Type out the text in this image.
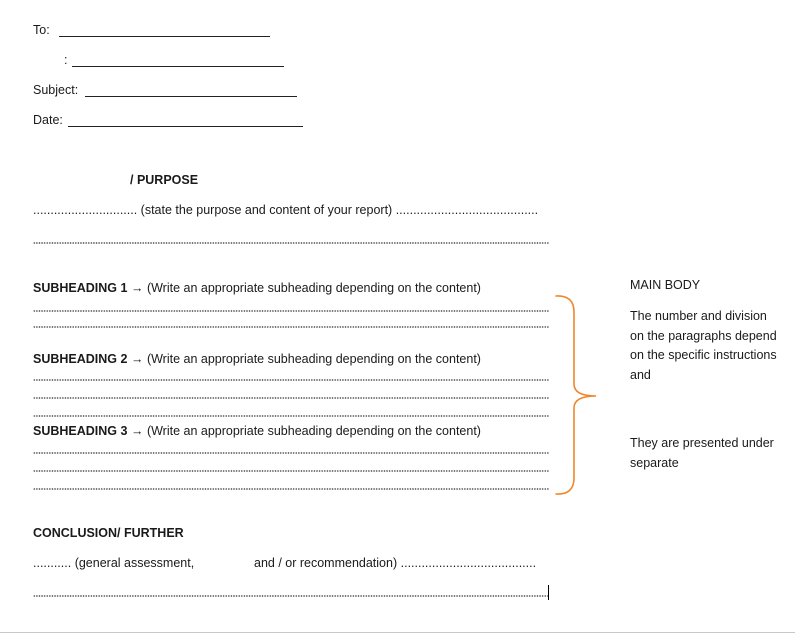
To:
:
Subject:
Date:
/ PURPOSE
.............................. (state the purpose and content of your report) .........................................
SUBHEADING 1 → (Write an appropriate subheading depending on the content)
SUBHEADING 2 → (Write an appropriate subheading depending on the content)
SUBHEADING 3 → (Write an appropriate subheading depending on the content)
MAIN BODY
The number and division on the paragraphs depend on the specific instructions and
They are presented under separate
CONCLUSION/ FURTHER
........... (general assessment,	and / or recommendation) .......................................
